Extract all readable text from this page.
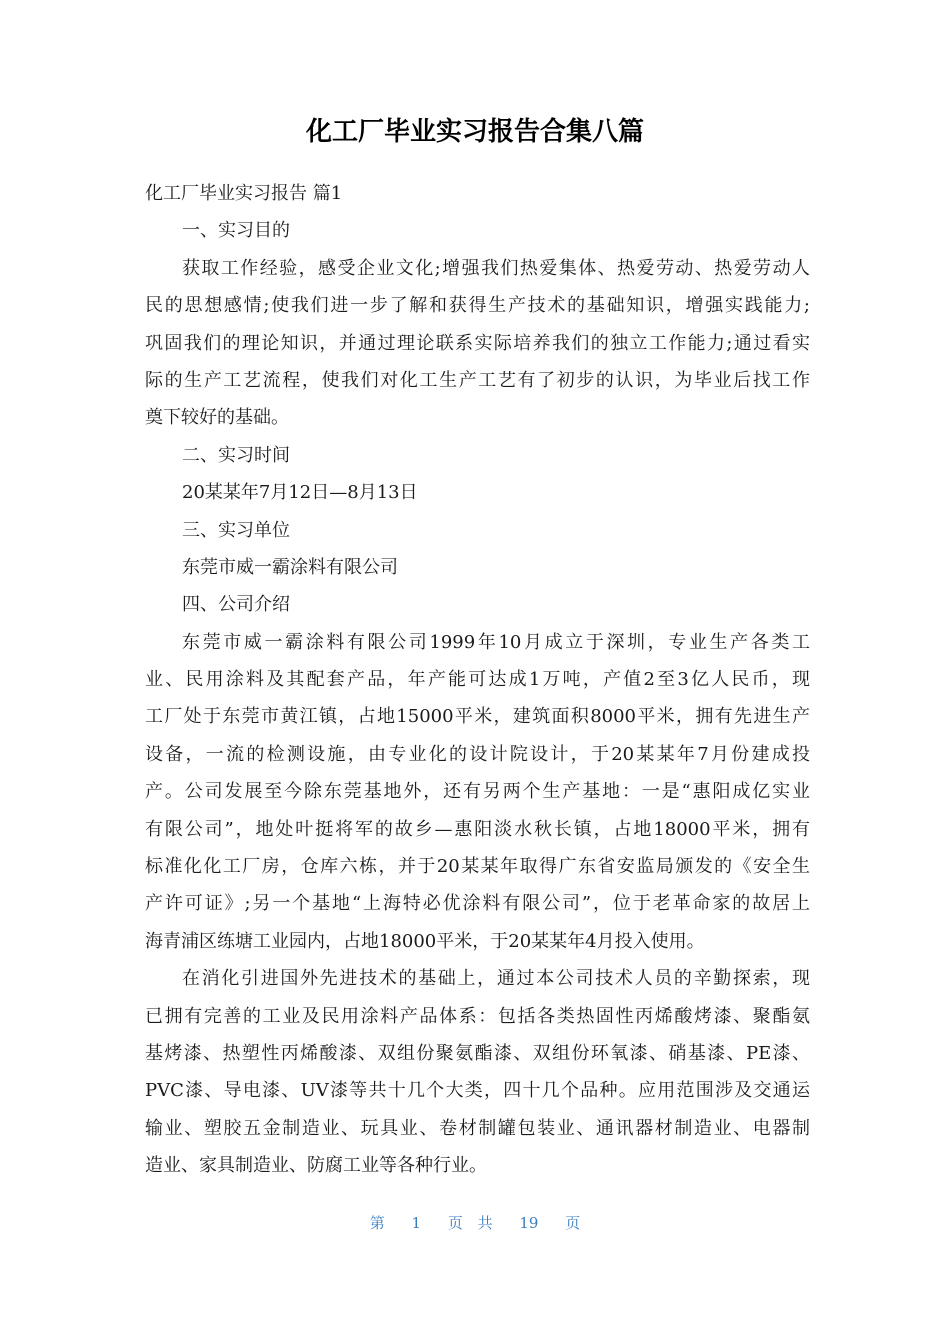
化工厂毕业实习报告合集八篇
化工厂毕业实习报告 篇1
一、实习目的
获取工作经验，感受企业文化;增强我们热爱集体、热爱劳动、热爱劳动人
民的思想感情;使我们进一步了解和获得生产技术的基础知识，增强实践能力;
巩固我们的理论知识，并通过理论联系实际培养我们的独立工作能力;通过看实
际的生产工艺流程，使我们对化工生产工艺有了初步的认识，为毕业后找工作
奠下较好的基础。
二、实习时间
20某某年7月12日—8月13日
三、实习单位
东莞市威一霸涂料有限公司
四、公司介绍
东莞市威一霸涂料有限公司1999年10月成立于深圳，专业生产各类工
业、民用涂料及其配套产品，年产能可达成1万吨，产值2至3亿人民币，现
工厂处于东莞市黄江镇，占地15000平米，建筑面积8000平米，拥有先进生产
设备，一流的检测设施，由专业化的设计院设计，于20某某年7月份建成投
产。公司发展至今除东莞基地外，还有另两个生产基地：一是“惠阳成亿实业
有限公司”，地处叶挺将军的故乡—惠阳淡水秋长镇，占地18000平米，拥有
标准化化工厂房，仓库六栋，并于20某某年取得广东省安监局颁发的《安全生
产许可证》;另一个基地“上海特必优涂料有限公司”，位于老革命家的故居上
海青浦区练塘工业园内，占地18000平米，于20某某年4月投入使用。
在消化引进国外先进技术的基础上，通过本公司技术人员的辛勤探索，现
已拥有完善的工业及民用涂料产品体系：包括各类热固性丙烯酸烤漆、聚酯氨
基烤漆、热塑性丙烯酸漆、双组份聚氨酯漆、双组份环氧漆、硝基漆、PE漆、
PVC漆、导电漆、UV漆等共十几个大类，四十几个品种。应用范围涉及交通运
输业、塑胶五金制造业、玩具业、卷材制罐包装业、通讯器材制造业、电器制
造业、家具制造业、防腐工业等各种行业。
第 1 页 共 19 页
